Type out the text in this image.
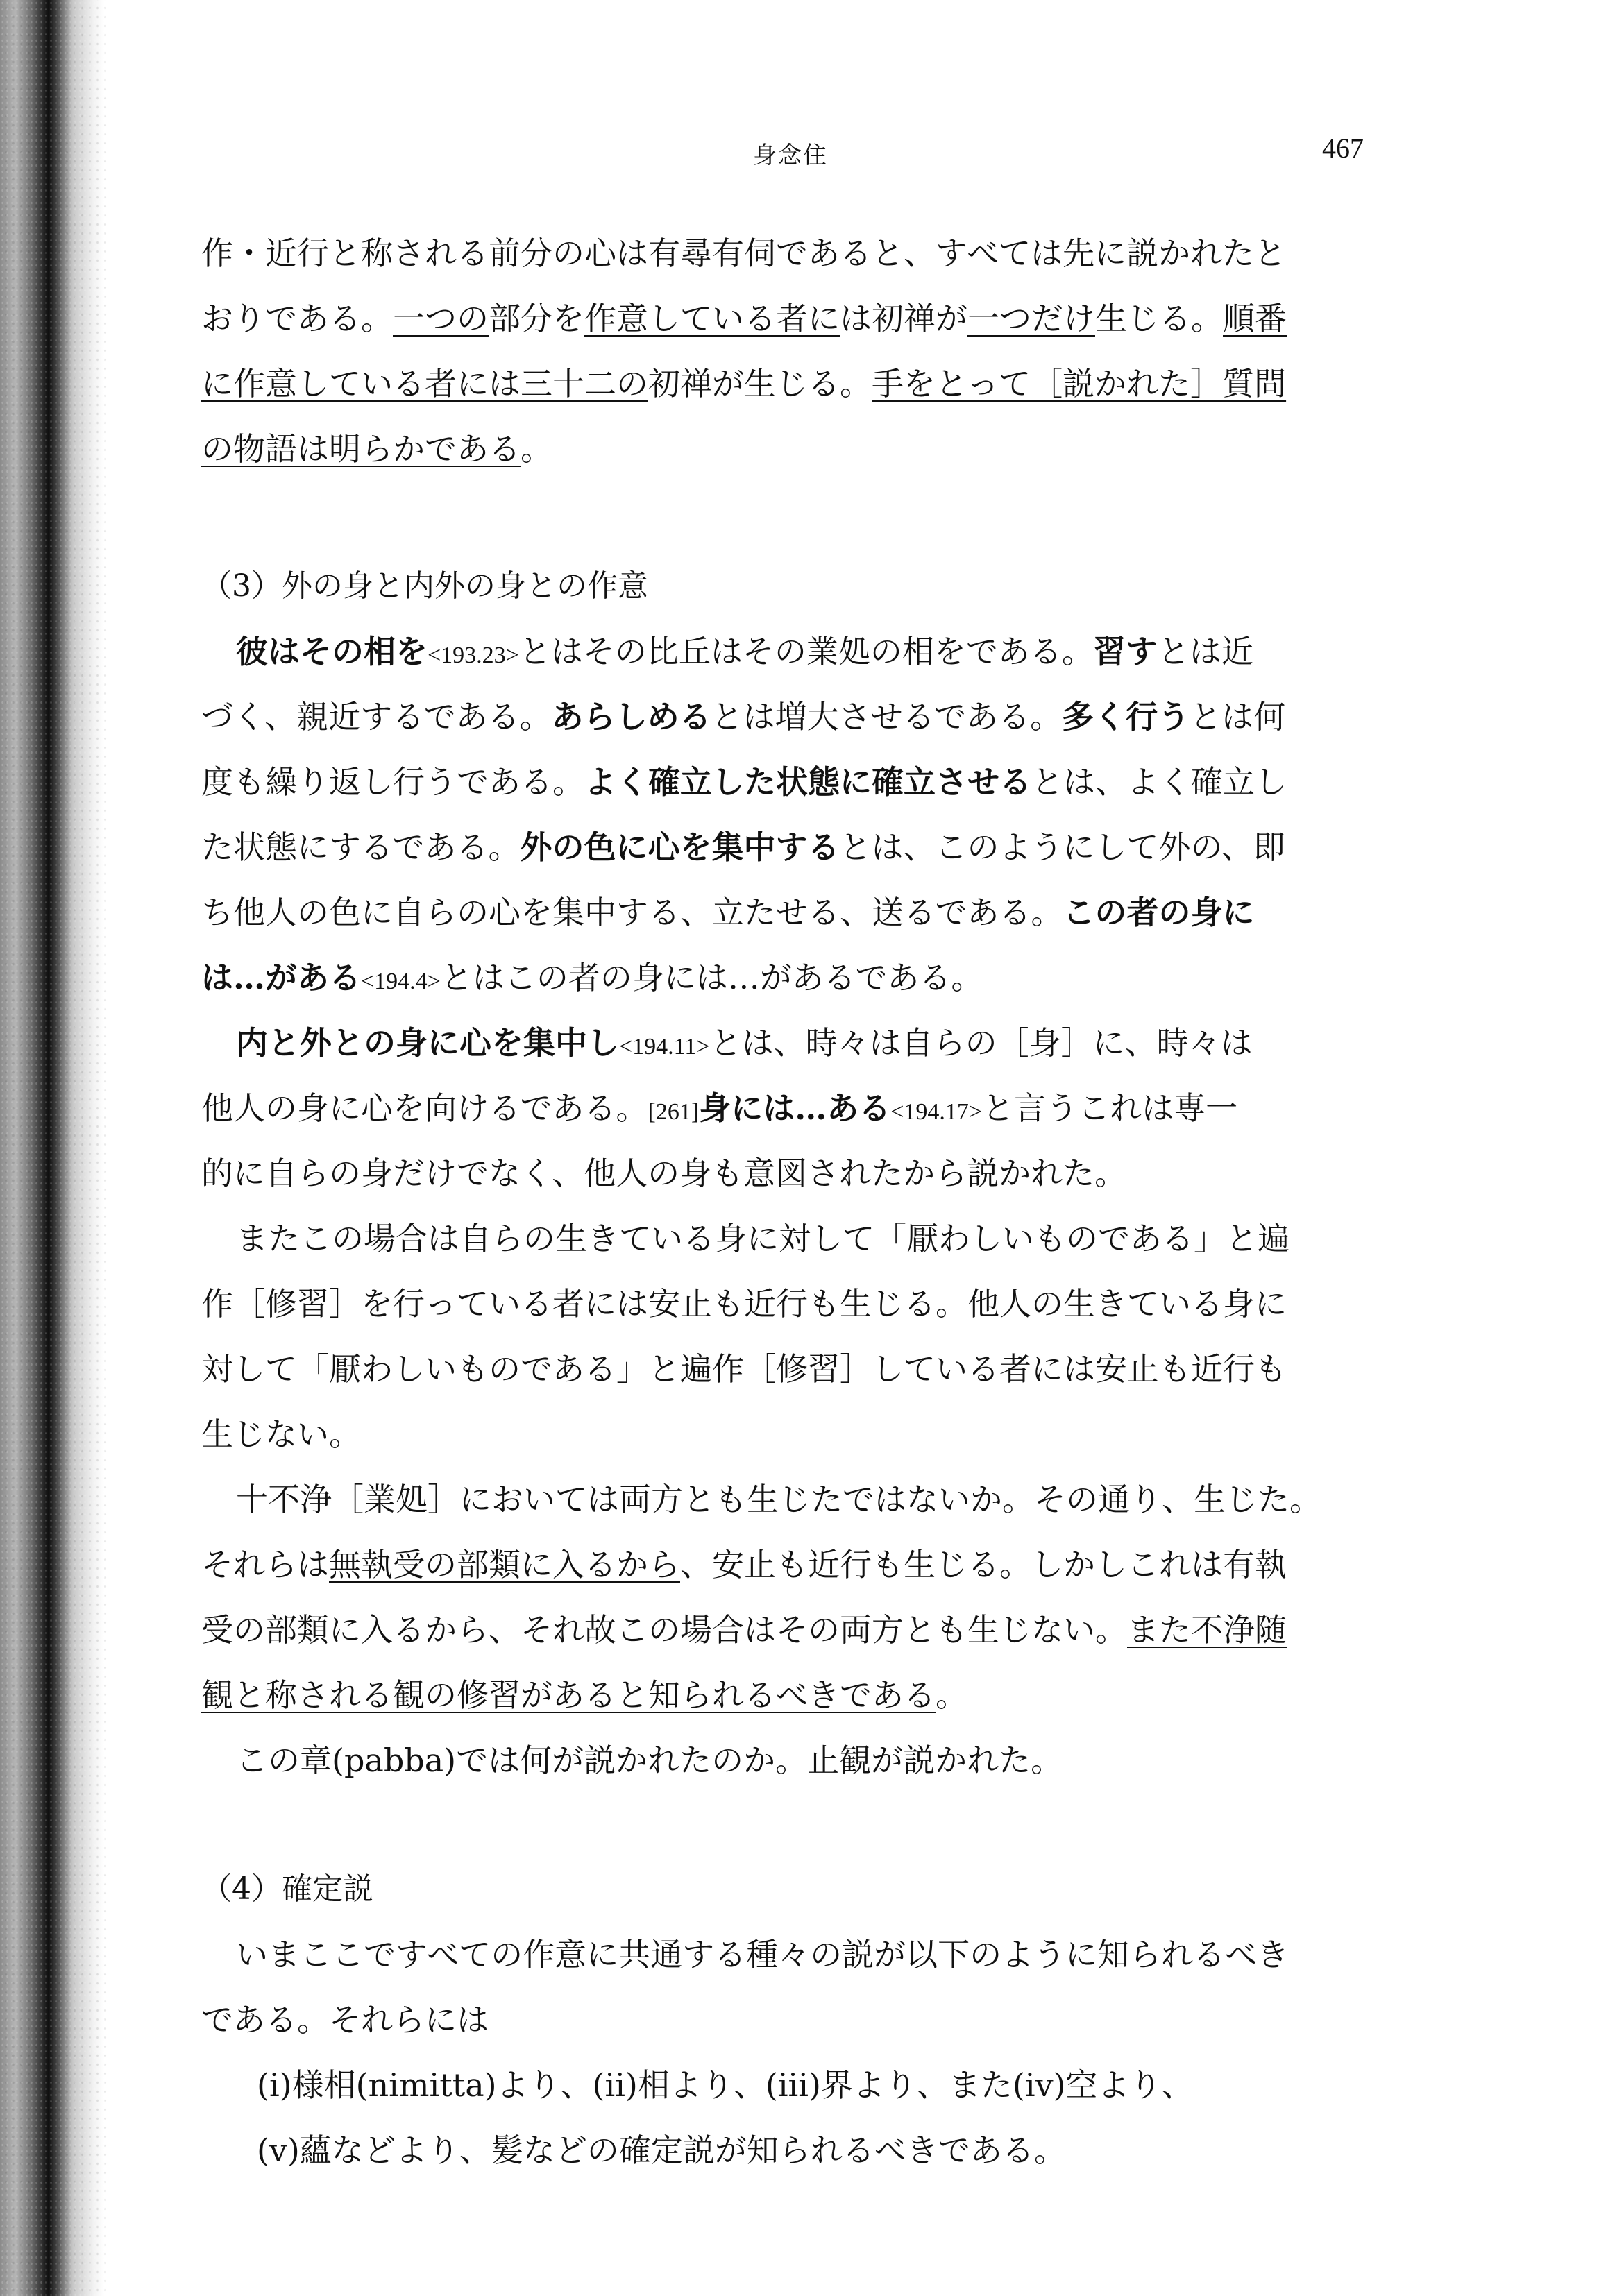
身念住	467
作・近行と称される前分の心は有尋有伺であると、すべては先に説かれたと
おりである。一つの部分を作意している者には初禅が一つだけ生じる。順番
に作意している者には三十二の初禅が生じる。手をとって［説かれた］質問
の物語は明らかである。
（3）外の身と内外の身との作意
彼はその相を<193.23>とはその比丘はその業処の相をである。習すとは近
づく、親近するである。あらしめるとは増大させるである。多く行うとは何
度も繰り返し行うである。よく確立した状態に確立させるとは、よく確立し
た状態にするである。外の色に心を集中するとは、このようにして外の、即
ち他人の色に自らの心を集中する、立たせる、送るである。この者の身に
は…がある<194.4>とはこの者の身には…があるである。
内と外との身に心を集中し<194.11>とは、時々は自らの［身］に、時々は
他人の身に心を向けるである。[261]身には…ある<194.17>と言うこれは専一
的に自らの身だけでなく、他人の身も意図されたから説かれた。
またこの場合は自らの生きている身に対して「厭わしいものである」と遍
作［修習］を行っている者には安止も近行も生じる。他人の生きている身に
対して「厭わしいものである」と遍作［修習］している者には安止も近行も
生じない。
十不浄［業処］においては両方とも生じたではないか。その通り、生じた。
それらは無執受の部類に入るから、安止も近行も生じる。しかしこれは有執
受の部類に入るから、それ故この場合はその両方とも生じない。また不浄随
観と称される観の修習があると知られるべきである。
この章(pabba)では何が説かれたのか。止観が説かれた。
（4）確定説
いまここですべての作意に共通する種々の説が以下のように知られるべき
である。それらには
(i)様相(nimitta)より、(ii)相より、(iii)界より、また(iv)空より、
(v)蘊などより、髪などの確定説が知られるべきである。
